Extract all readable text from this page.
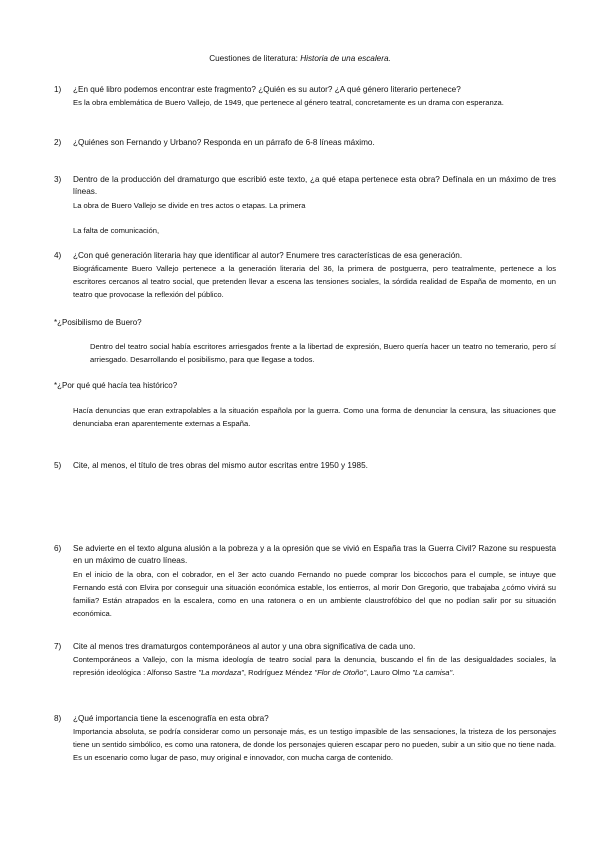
Cuestiones de literatura: Historia de una escalera.
1)	¿En qué libro podemos encontrar este fragmento? ¿Quién es su autor? ¿A qué género literario pertenece?

Es la obra emblemática de Buero Vallejo, de 1949, que pertenece al género teatral, concretamente es un drama con esperanza.

2)	¿Quiénes son Fernando y Urbano? Responda en un párrafo de 6-8 líneas máximo.

3)	Dentro de la producción del dramaturgo que escribió este texto, ¿a qué etapa pertenece esta obra? Defínala en un máximo de tres líneas.

La obra de Buero Vallejo se divide en tres actos o etapas. La primera

La falta de comunicación,

4)	¿Con qué generación literaria hay que identificar al autor? Enumere tres características de esa generación.

Biográficamente Buero Vallejo pertenece a la generación literaria del 36, la primera de postguerra, pero teatralmente, pertenece a los escritores cercanos al teatro social, que pretenden llevar a escena las tensiones sociales, la sórdida realidad de España de momento, en un teatro que provocase la reflexión del público.

*¿Posibilismo de Buero?
Dentro del teatro social había escritores arriesgados frente a la libertad de expresión, Buero quería hacer un teatro no temerario, pero sí arriesgado. Desarrollando el posibilismo, para que llegase a todos.
*¿Por qué qué hacía tea histórico?
Hacía denuncias que eran extrapolables a la situación española por la guerra. Como una forma de denunciar la censura, las situaciones que denunciaba eran aparentemente externas a España.
5)	Cite, al menos, el título de tres obras del mismo autor escritas entre 1950 y 1985.

6)	Se advierte en el texto alguna alusión a la pobreza y a la opresión que se vivió en España tras la Guerra Civil? Razone su respuesta en un máximo de cuatro líneas.

En el inicio de la obra, con el cobrador, en el 3er acto cuando Fernando no puede comprar los biccochos para el cumple, se intuye que Fernando está con Elvira por conseguir una situación económica estable, los entierros, al morir Don Gregorio, que trabajaba ¿cómo vivirá su familia? Están atrapados en la escalera, como en una ratonera o en un ambiente claustrofóbico del que no podían salir por su situación económica.

7)	Cite al menos tres dramaturgos contemporáneos al autor y una obra significativa de cada uno.

Contemporáneos a Vallejo, con la misma ideología de teatro social para la denuncia, buscando el fin de las desigualdades sociales, la represión ideológica : Alfonso Sastre "La mordaza", Rodríguez Méndez "Flor de Otoño", Lauro Olmo "La camisa".

8)	¿Qué importancia tiene la escenografía en esta obra?

Importancia absoluta, se podría considerar como un personaje más, es un testigo impasible de las sensaciones, la tristeza de los personajes tiene un sentido simbólico, es como una ratonera, de donde los personajes quieren escapar pero no pueden, subir a un sitio que no tiene nada. Es un escenario como lugar de paso, muy original e innovador, con mucha carga de contenido.
